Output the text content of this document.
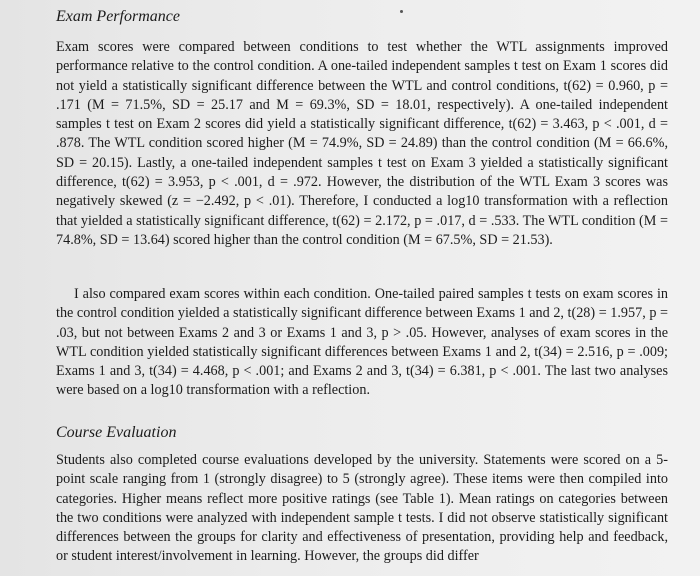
Exam Performance

Exam scores were compared between conditions to test whether the WTL assignments improved performance relative to the control condition. A one-tailed independent samples t test on Exam 1 scores did not yield a statistically significant difference between the WTL and control conditions, t(62) = 0.960, p = .171 (M = 71.5%, SD = 25.17 and M = 69.3%, SD = 18.01, respectively). A one-tailed independent samples t test on Exam 2 scores did yield a statistically significant difference, t(62) = 3.463, p < .001, d = .878. The WTL condition scored higher (M = 74.9%, SD = 24.89) than the control condition (M = 66.6%, SD = 20.15). Lastly, a one-tailed independent samples t test on Exam 3 yielded a statistically significant difference, t(62) = 3.953, p < .001, d = .972. However, the distribution of the WTL Exam 3 scores was negatively skewed (z = −2.492, p < .01). Therefore, I conducted a log10 transformation with a reflection that yielded a statistically significant difference, t(62) = 2.172, p = .017, d = .533. The WTL condition (M = 74.8%, SD = 13.64) scored higher than the control condition (M = 67.5%, SD = 21.53).

I also compared exam scores within each condition. One-tailed paired samples t tests on exam scores in the control condition yielded a statistically significant difference between Exams 1 and 2, t(28) = 1.957, p = .03, but not between Exams 2 and 3 or Exams 1 and 3, p > .05. However, analyses of exam scores in the WTL condition yielded statistically significant differences between Exams 1 and 2, t(34) = 2.516, p = .009; Exams 1 and 3, t(34) = 4.468, p < .001; and Exams 2 and 3, t(34) = 6.381, p < .001. The last two analyses were based on a log10 transformation with a reflection.

Course Evaluation

Students also completed course evaluations developed by the university. Statements were scored on a 5-point scale ranging from 1 (strongly disagree) to 5 (strongly agree). These items were then compiled into categories. Higher means reflect more positive ratings (see Table 1). Mean ratings on categories between the two conditions were analyzed with independent sample t tests. I did not observe statistically significant differences between the groups for clarity and effectiveness of presentation, providing help and feedback, or student interest/involvement in learning. However, the groups did differ
